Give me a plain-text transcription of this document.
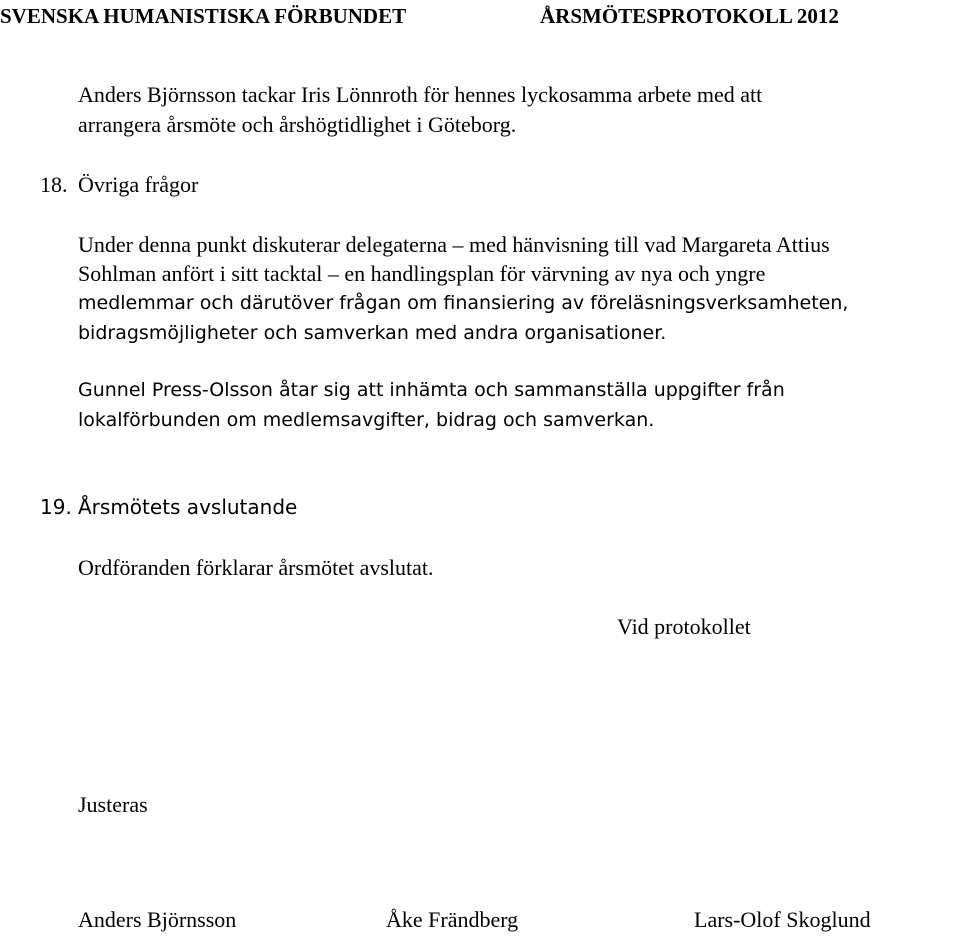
SVENSKA HUMANISTISKA FÖRBUNDET	ÅRSMÖTESPROTOKOLL 2012
Anders Björnsson tackar Iris Lönnroth för hennes lyckosamma arbete med att
arrangera årsmöte och årshögtidlighet i Göteborg.
18. Övriga frågor
Under denna punkt diskuterar delegaterna – med hänvisning till vad Margareta Attius
Sohlman anfört i sitt tacktal – en handlingsplan för värvning av nya och yngre
medlemmar och därutöver frågan om finansiering av föreläsningsverksamheten,
bidragsmöjligheter och samverkan med andra organisationer.
Gunnel Press-Olsson åtar sig att inhämta och sammanställa uppgifter från
lokalförbunden om medlemsavgifter, bidrag och samverkan.
19. Årsmötets avslutande
Ordföranden förklarar årsmötet avslutat.
Vid protokollet
Justeras
Anders Björnsson	Åke Frändberg	Lars-Olof Skoglund
